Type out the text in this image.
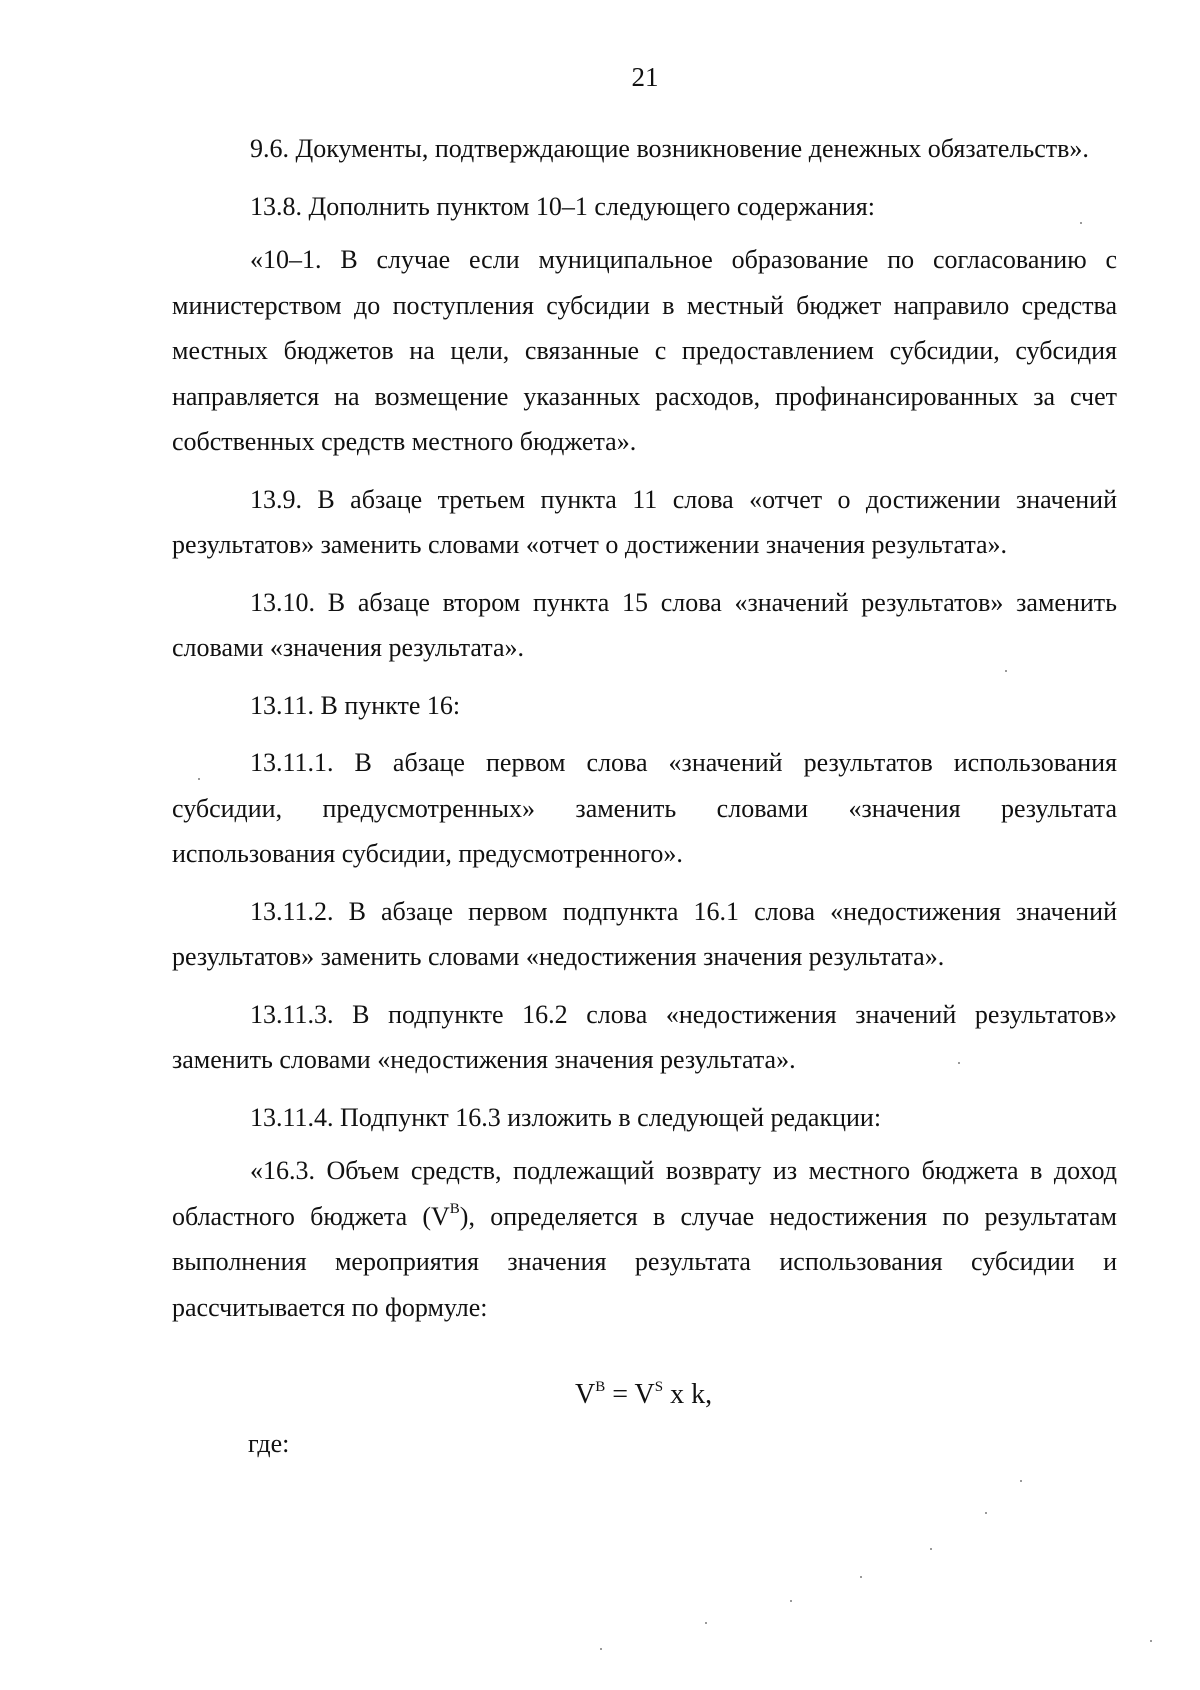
21

9.6. Документы, подтверждающие возникновение денежных обязательств».

13.8. Дополнить пунктом 10–1 следующего содержания:

«10–1. В случае если муниципальное образование по согласованию с министерством до поступления субсидии в местный бюджет направило средства местных бюджетов на цели, связанные с предоставлением субсидии, субсидия направляется на возмещение указанных расходов, профинансированных за счет собственных средств местного бюджета».

13.9. В абзаце третьем пункта 11 слова «отчет о достижении значений результатов» заменить словами «отчет о достижении значения результата».

13.10. В абзаце втором пункта 15 слова «значений результатов» заменить словами «значения результата».

13.11. В пункте 16:

13.11.1. В абзаце первом слова «значений результатов использования субсидии, предусмотренных» заменить словами «значения результата использования субсидии, предусмотренного».

13.11.2. В абзаце первом подпункта 16.1 слова «недостижения значений результатов» заменить словами «недостижения значения результата».

13.11.3. В подпункте 16.2 слова «недостижения значений результатов» заменить словами «недостижения значения результата».

13.11.4. Подпункт 16.3 изложить в следующей редакции:

«16.3. Объем средств, подлежащий возврату из местного бюджета в доход областного бюджета $(V^B)$, определяется в случае недостижения по результатам выполнения мероприятия значения результата использования субсидии и рассчитывается по формуле:

$V^B = V^S$ x k,
где:
